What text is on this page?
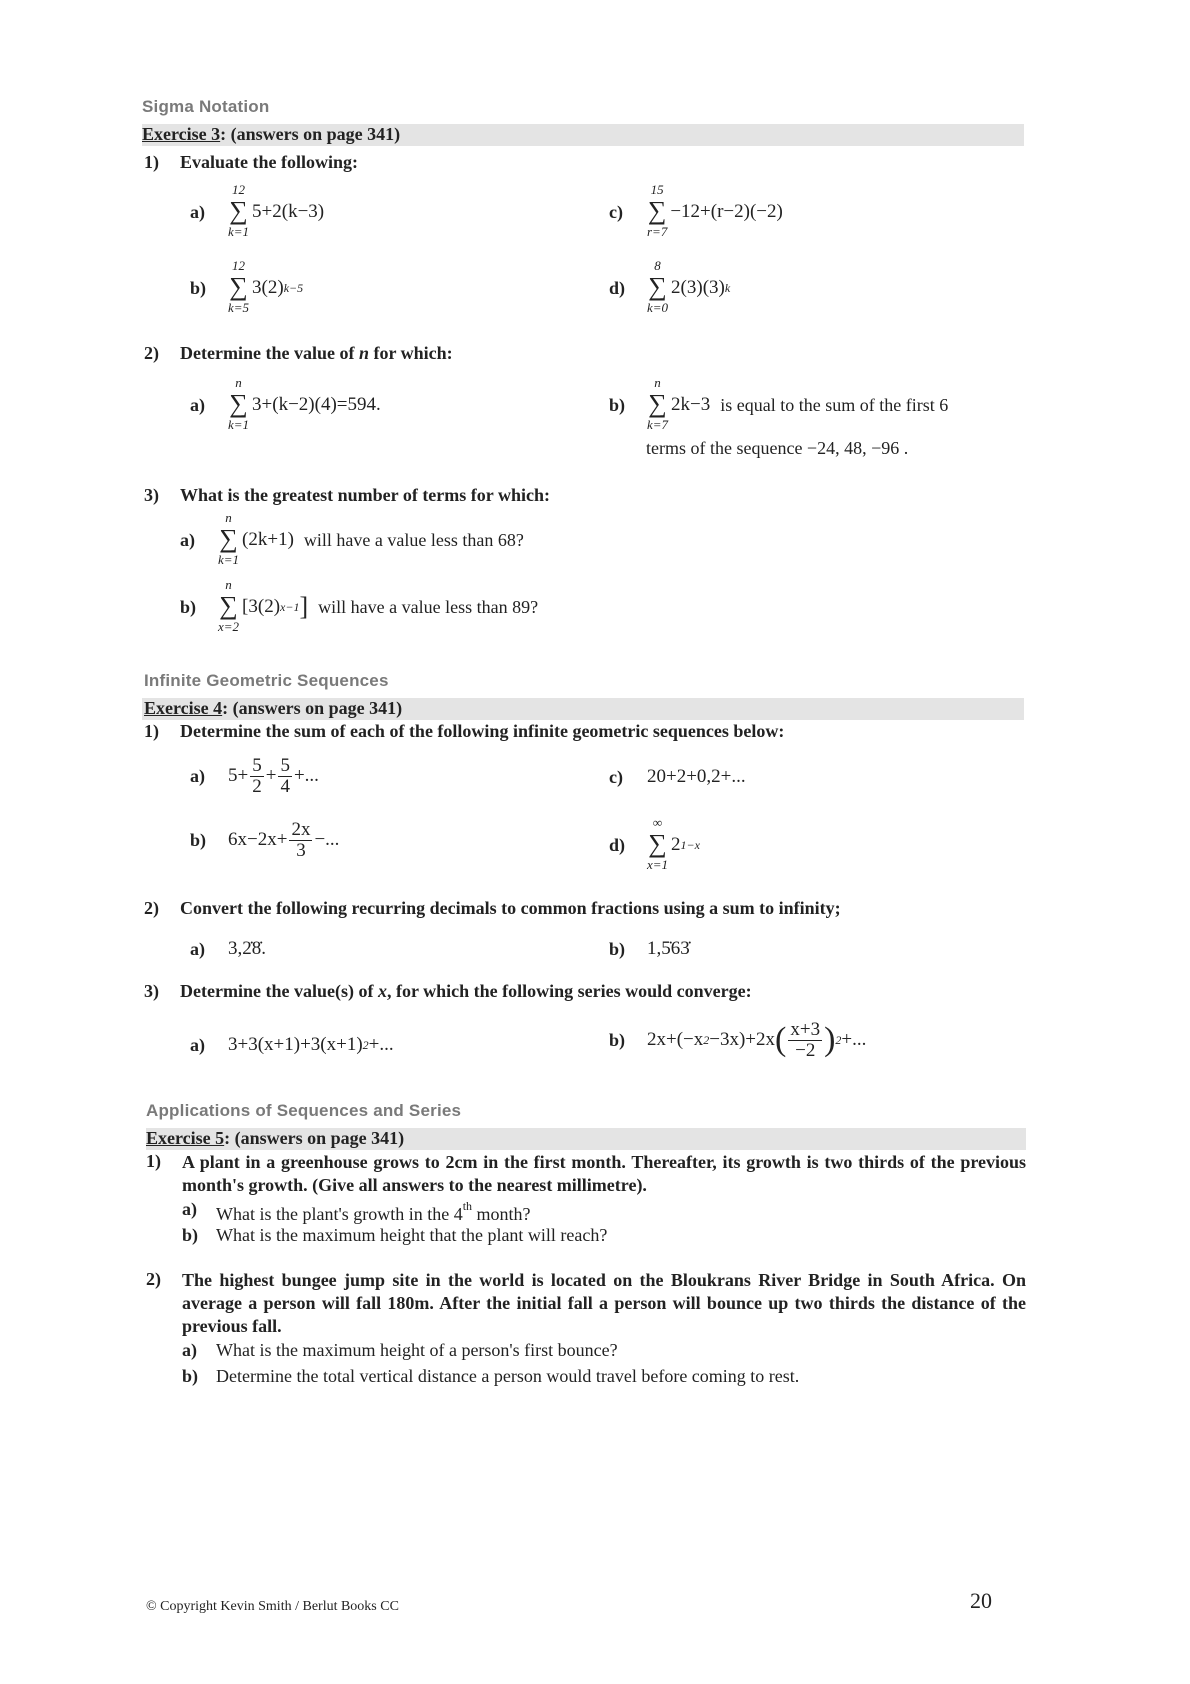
Sigma Notation
Exercise 3: (answers on page 341)
1) Evaluate the following:
a)
12
∑
k=1
5+2(k−3)	c)
15
∑
r=7
−12+(r−2)(−2)
b)
12
∑
k=5
3(2) k−5	d)
8
∑
k=0
2(3)(3) k
2) Determine the value of n for which:
a)
n
∑
k=1
3+(k−2)(4)=594.	b)
n
∑
k=7
2k−3 is equal to the sum of the first 6
terms of the sequence −24, 48, −96 .
3) What is the greatest number of terms for which:
a)
n
∑
k=1
(2k+1) will have a value less than 68?
b)
n
∑
x=2
[3(2) x−1 ] will have a value less than 89?
Infinite Geometric Sequences
Exercise 4: (answers on page 341)
1) Determine the sum of each of the following infinite geometric sequences below:
a)	$5+ \frac{5}{2} + \frac{5}{4}$ +...	c)	20+2+0,2+...
b)	$6x-2x+ \frac{2x}{3}$ −...	d)
∞
∑
x=1
2 1−x
2) Convert the following recurring decimals to common fractions using a sum to infinity;
a)	3,2̇8̇.	b)	1,5̇63̇
3) Determine the value(s) of x, for which the following series would converge:
a)	3+3(x+1)+3(x+1) 2 +...	b)	2x+(−x 2 −3x)+2x ( $\frac{x+3}{-2}$ ) 2 +...
Applications of Sequences and Series
Exercise 5: (answers on page 341)
1)	A plant in a greenhouse grows to 2cm in the first month. Thereafter, its growth is two thirds of the previous month's growth. (Give all answers to the nearest millimetre).
a)	What is the plant's growth in the 4th month?
b) What is the maximum height that the plant will reach?
2)	The highest bungee jump site in the world is located on the Bloukrans River Bridge in South Africa. On average a person will fall 180m. After the initial fall a person will bounce up two thirds the distance of the previous fall.
a)	What is the maximum height of a person's first bounce?
b) Determine the total vertical distance a person would travel before coming to rest.
© Copyright Kevin Smith / Berlut Books CC	20
